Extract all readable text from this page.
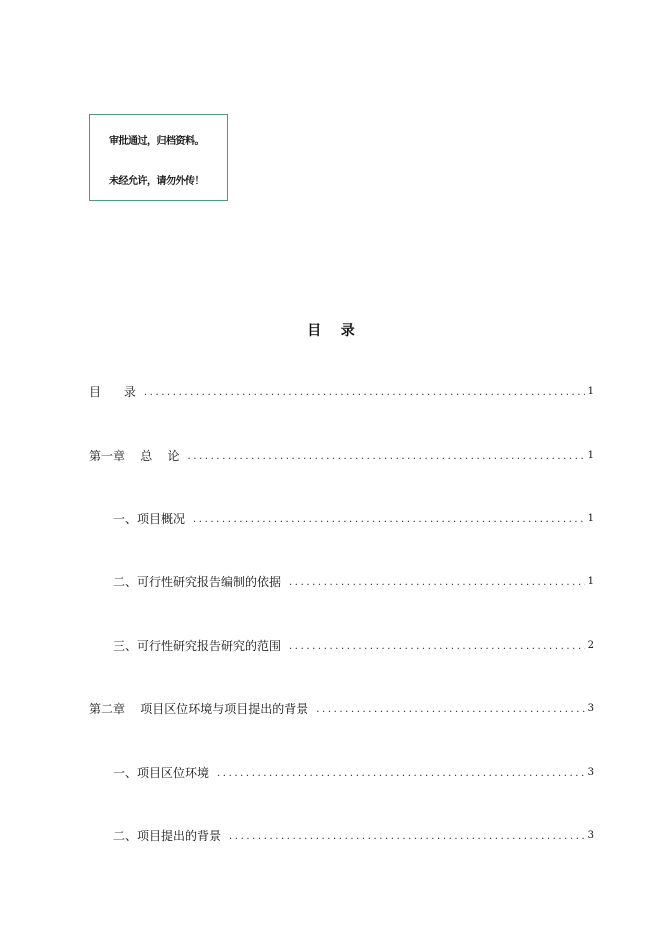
审批通过，归档资料。
未经允许，请勿外传！
目    录
目      录 .....	1
第一章    总    论 .....	1
一、项目概况 .....	1
二、可行性研究报告编制的依据 .....	1
三、可行性研究报告研究的范围 .....	2
第二章    项目区位环境与项目提出的背景 .....	3
一、项目区位环境 .....	3
二、项目提出的背景 .....	3
